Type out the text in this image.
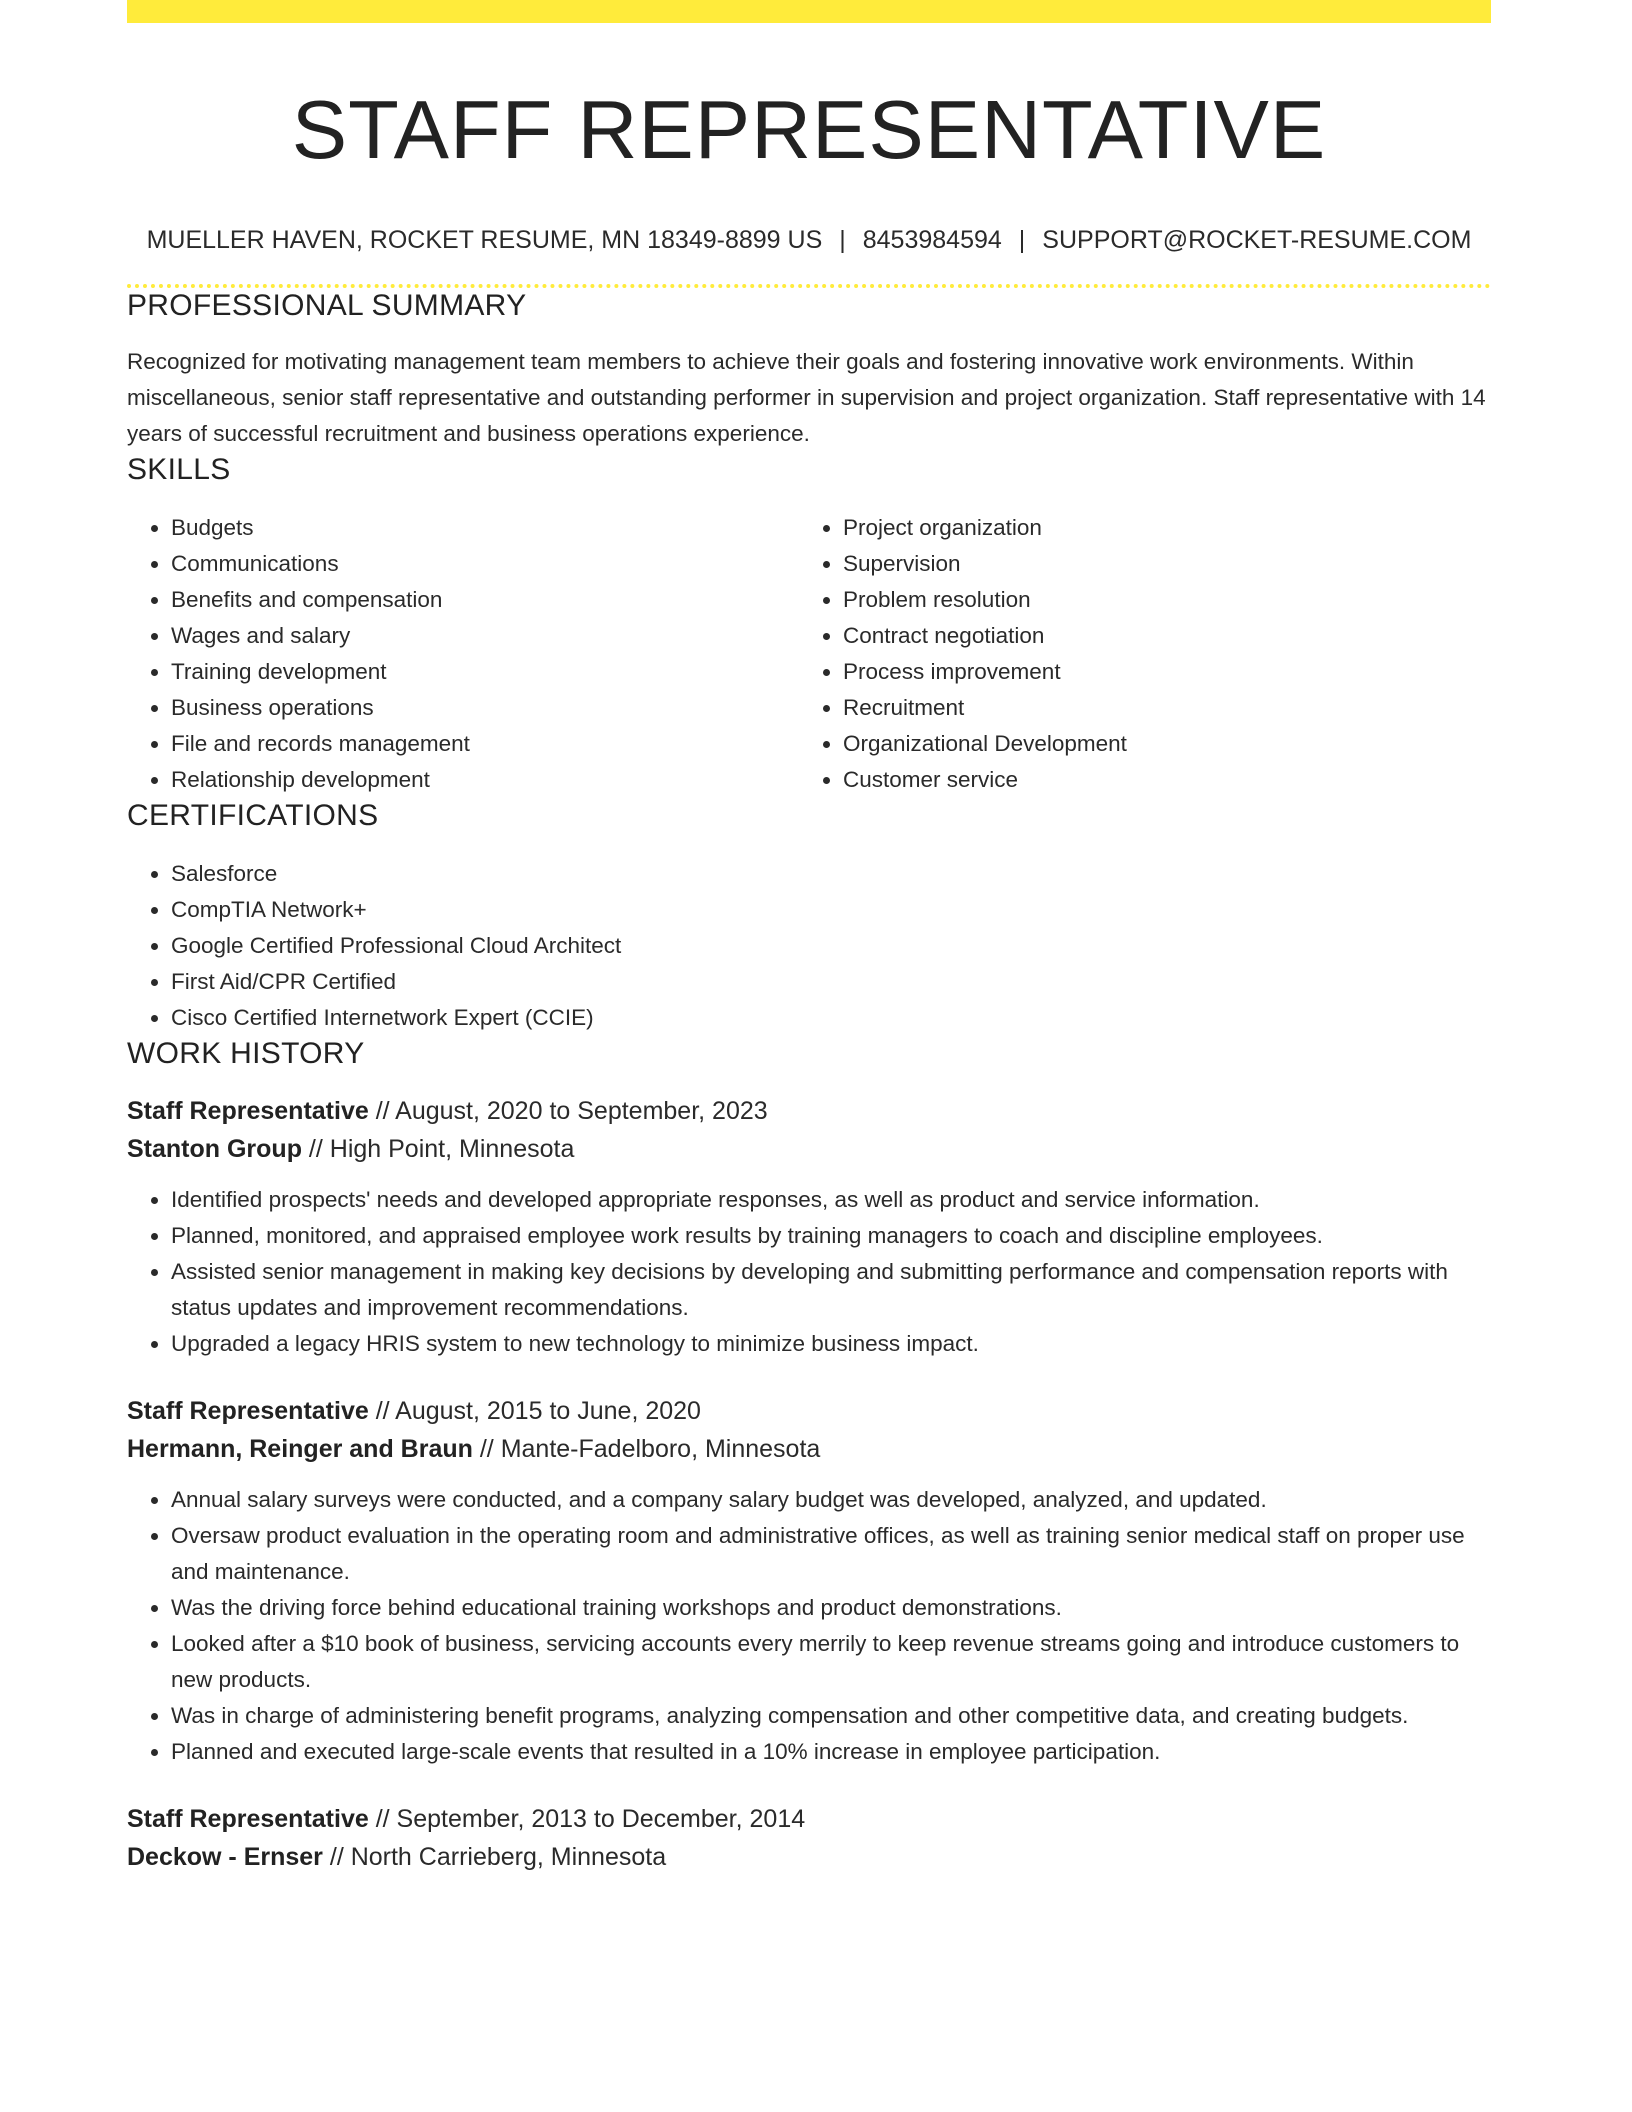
STAFF REPRESENTATIVE
MUELLER HAVEN, ROCKET RESUME, MN 18349-8899 US | 8453984594 | SUPPORT@ROCKET-RESUME.COM
PROFESSIONAL SUMMARY

Recognized for motivating management team members to achieve their goals and fostering innovative work environments. Within miscellaneous, senior staff representative and outstanding performer in supervision and project organization. Staff representative with 14 years of successful recruitment and business operations experience.

SKILLS
• Budgets
• Communications
• Benefits and compensation
• Wages and salary
• Training development
• Business operations
• File and records management
• Relationship development
• Project organization
• Supervision
• Problem resolution
• Contract negotiation
• Process improvement
• Recruitment
• Organizational Development
• Customer service
CERTIFICATIONS
• Salesforce
• CompTIA Network+
• Google Certified Professional Cloud Architect
• First Aid/CPR Certified
• Cisco Certified Internetwork Expert (CCIE)
WORK HISTORY
Staff Representative // August, 2020 to September, 2023
Stanton Group // High Point, Minnesota
• Identified prospects' needs and developed appropriate responses, as well as product and service information.
• Planned, monitored, and appraised employee work results by training managers to coach and discipline employees.
• Assisted senior management in making key decisions by developing and submitting performance and compensation reports with status updates and improvement recommendations.
• Upgraded a legacy HRIS system to new technology to minimize business impact.
Staff Representative // August, 2015 to June, 2020
Hermann, Reinger and Braun // Mante-Fadelboro, Minnesota
• Annual salary surveys were conducted, and a company salary budget was developed, analyzed, and updated.
• Oversaw product evaluation in the operating room and administrative offices, as well as training senior medical staff on proper use and maintenance.
• Was the driving force behind educational training workshops and product demonstrations.
• Looked after a $10 book of business, servicing accounts every merrily to keep revenue streams going and introduce customers to new products.
• Was in charge of administering benefit programs, analyzing compensation and other competitive data, and creating budgets.
• Planned and executed large-scale events that resulted in a 10% increase in employee participation.
Staff Representative // September, 2013 to December, 2014
Deckow - Ernser // North Carrieberg, Minnesota
